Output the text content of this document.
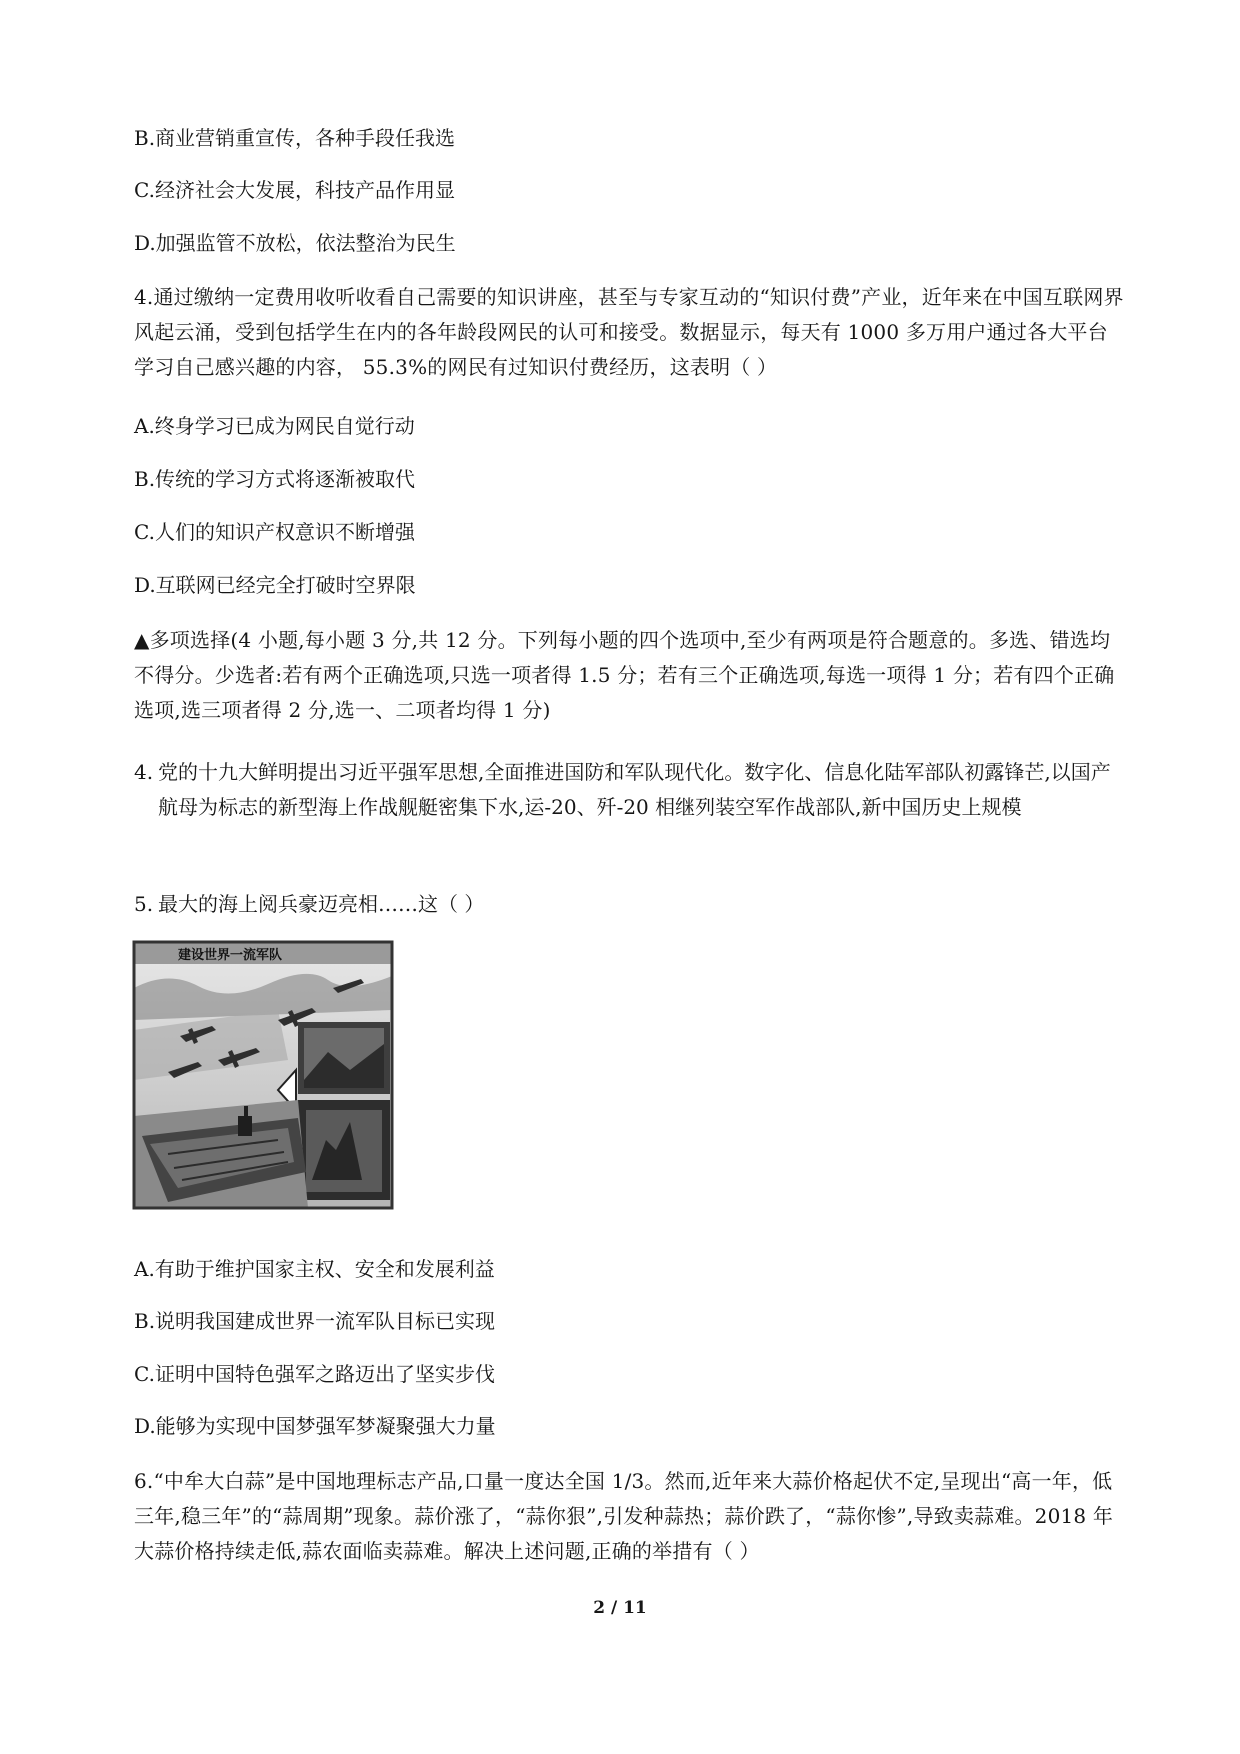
B.商业营销重宣传，各种手段任我选
C.经济社会大发展，科技产品作用显
D.加强监管不放松，依法整治为民生
4.通过缴纳一定费用收听收看自己需要的知识讲座，甚至与专家互动的“知识付费”产业，近年来在中国互联网界风起云涌，受到包括学生在内的各年龄段网民的认可和接受。数据显示，每天有 1000 多万用户通过各大平台学习自己感兴趣的内容， 55.3%的网民有过知识付费经历，这表明（ ）
A.终身学习已成为网民自觉行动
B.传统的学习方式将逐渐被取代
C.人们的知识产权意识不断增强
D.互联网已经完全打破时空界限
▲多项选择(4 小题,每小题 3 分,共 12 分。下列每小题的四个选项中,至少有两项是符合题意的。多选、错选均不得分。少选者:若有两个正确选项,只选一项者得 1.5 分；若有三个正确选项,每选一项得 1 分；若有四个正确选项,选三项者得 2 分,选一、二项者均得 1 分)
4. 党的十九大鲜明提出习近平强军思想,全面推进国防和军队现代化。数字化、信息化陆军部队初露锋芒,以国产航母为标志的新型海上作战舰艇密集下水,运-20、歼-20 相继列装空军作战部队,新中国历史上规模
5. 最大的海上阅兵豪迈亮相……这（ ）
建设世界一流军队
A.有助于维护国家主权、安全和发展利益
B.说明我国建成世界一流军队目标已实现
C.证明中国特色强军之路迈出了坚实步伐
D.能够为实现中国梦强军梦凝聚强大力量
6.“中牟大白蒜”是中国地理标志产品,口量一度达全国 1/3。然而,近年来大蒜价格起伏不定,呈现出“高一年，低三年,稳三年”的“蒜周期”现象。蒜价涨了，“蒜你狠”,引发种蒜热；蒜价跌了，“蒜你惨”,导致卖蒜难。2018 年大蒜价格持续走低,蒜农面临卖蒜难。解决上述问题,正确的举措有（ ）
2 / 11
